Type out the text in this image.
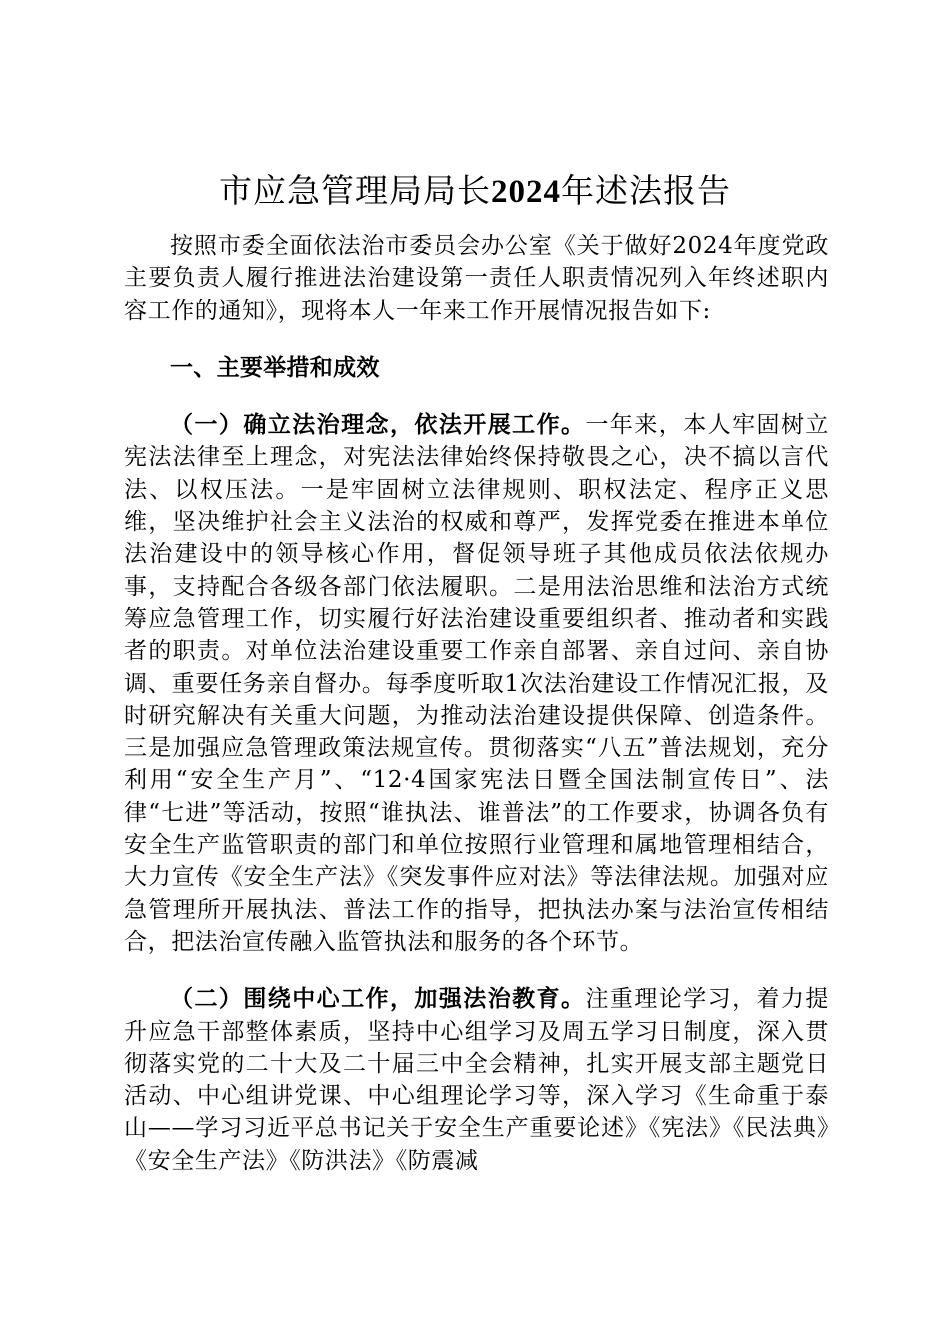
市应急管理局局长2024年述法报告

按照市委全面依法治市委员会办公室《关于做好2024年度党政主要负责人履行推进法治建设第一责任人职责情况列入年终述职内容工作的通知》，现将本人一年来工作开展情况报告如下:

一、主要举措和成效

（一）确立法治理念，依法开展工作。一年来，本人牢固树立宪法法律至上理念，对宪法法律始终保持敬畏之心，决不搞以言代法、以权压法。一是牢固树立法律规则、职权法定、程序正义思维，坚决维护社会主义法治的权威和尊严，发挥党委在推进本单位法治建设中的领导核心作用，督促领导班子其他成员依法依规办事，支持配合各级各部门依法履职。二是用法治思维和法治方式统筹应急管理工作，切实履行好法治建设重要组织者、推动者和实践者的职责。对单位法治建设重要工作亲自部署、亲自过问、亲自协调、重要任务亲自督办。每季度听取1次法治建设工作情况汇报，及时研究解决有关重大问题，为推动法治建设提供保障、创造条件。三是加强应急管理政策法规宣传。贯彻落实“八五”普法规划，充分利用“安全生产月”、“12·4国家宪法日暨全国法制宣传日”、法律“七进”等活动，按照“谁执法、谁普法”的工作要求，协调各负有安全生产监管职责的部门和单位按照行业管理和属地管理相结合，大力宣传《安全生产法》《突发事件应对法》等法律法规。加强对应急管理所开展执法、普法工作的指导，把执法办案与法治宣传相结合，把法治宣传融入监管执法和服务的各个环节。

（二）围绕中心工作，加强法治教育。注重理论学习，着力提升应急干部整体素质，坚持中心组学习及周五学习日制度，深入贯彻落实党的二十大及二十届三中全会精神，扎实开展支部主题党日活动、中心组讲党课、中心组理论学习等，深入学习《生命重于泰山——学习习近平总书记关于安全生产重要论述》《宪法》《民法典》《安全生产法》《防洪法》《防震减
